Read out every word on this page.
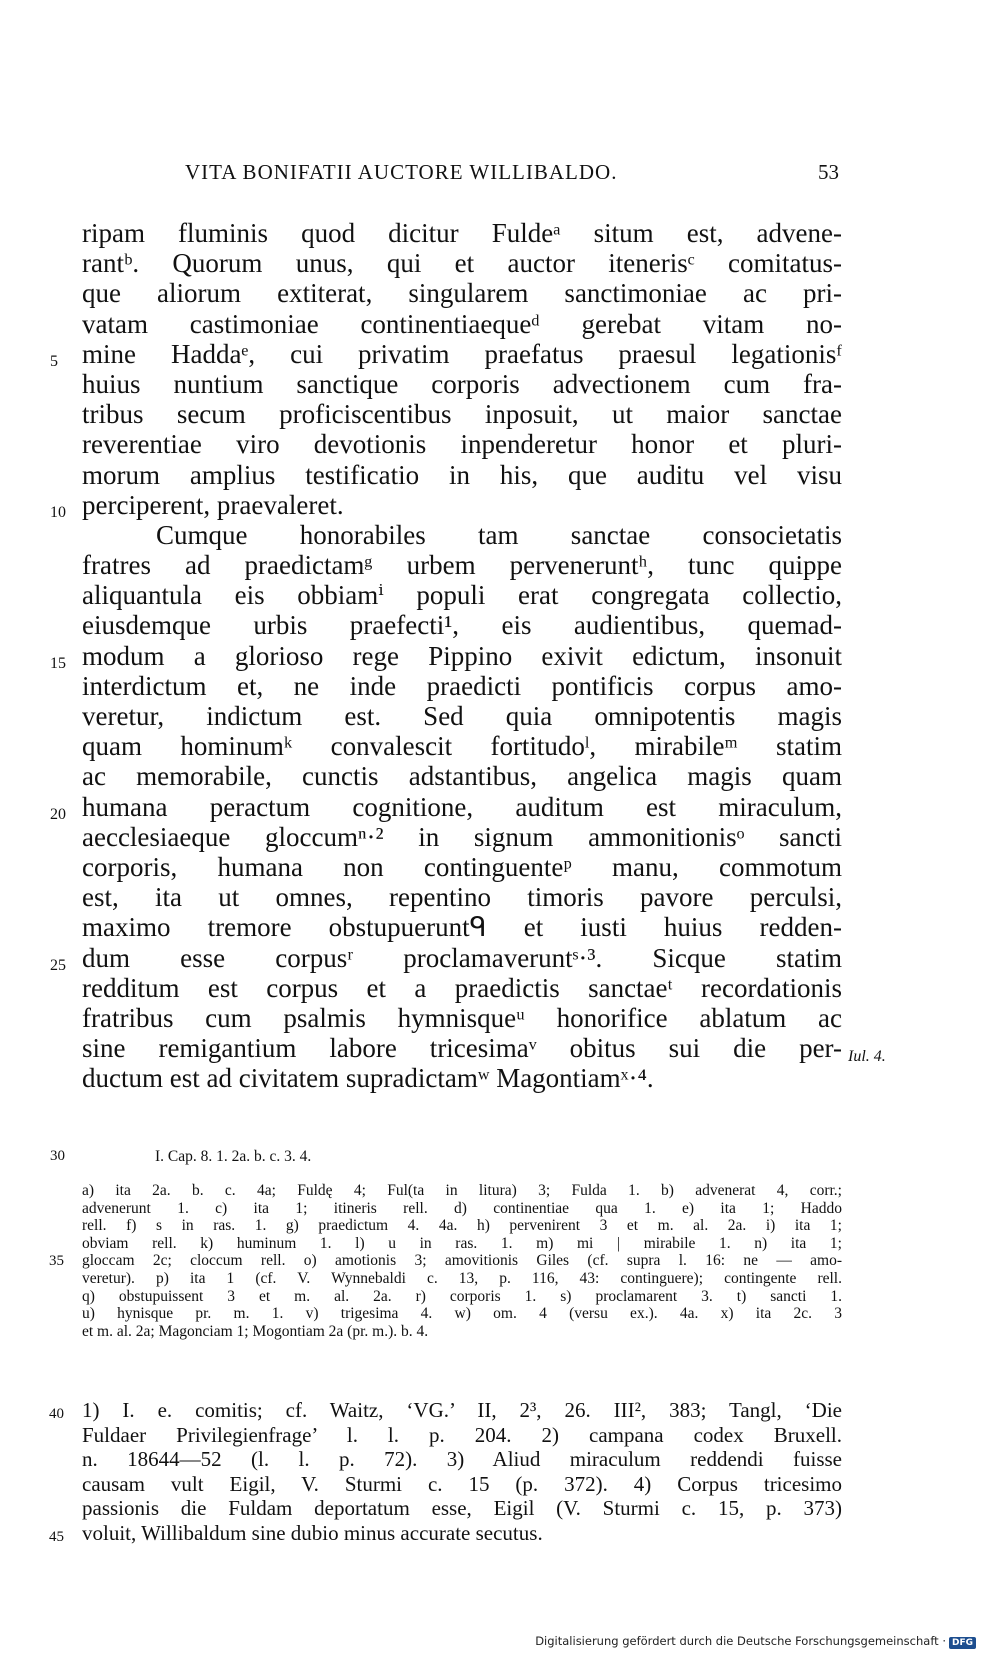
VITA BONIFATII AUCTORE WILLIBALDO.	53
ripam fluminis quod dicitur Fuldeᵃ situm est, advene-
rantᵇ. Quorum unus, qui et auctor itenerisᶜ comitatus-
que aliorum extiterat, singularem sanctimoniae ac pri-
vatam castimoniae continentiaequeᵈ gerebat vitam no-
5 mine Haddaᵉ, cui privatim praefatus praesul legationisᶠ
huius nuntium sanctique corporis advectionem cum fra-
tribus secum proficiscentibus inposuit, ut maior sanctae
reverentiae viro devotionis inpenderetur honor et pluri-
morum amplius testificatio in his, que auditu vel visu
10 perciperent, praevaleret.
Cumque honorabiles tam sanctae consocietatis
fratres ad praedictamᵍ urbem perveneruntʰ, tunc quippe
aliquantula eis obbiamⁱ populi erat congregata collectio,
eiusdemque urbis praefecti¹, eis audientibus, quemad-
15 modum a glorioso rege Pippino exivit edictum, insonuit
interdictum et, ne inde praedicti pontificis corpus amo-
veretur, indictum est. Sed quia omnipotentis magis
quam hominumᵏ convalescit fortitudoˡ, mirabileᵐ statim
ac memorabile, cunctis adstantibus, angelica magis quam
20 humana peractum cognitione, auditum est miraculum,
aecclesiaeque gloccumⁿ·² in signum ammonitionisᵒ sancti
corporis, humana non continguenteᵖ manu, commotum
est, ita ut omnes, repentino timoris pavore perculsi,
maximo tremore obstupueruntᑫ et iusti huius redden-
25 dum esse corpusʳ proclamaveruntˢ·³. Sicque statim
redditum est corpus et a praedictis sanctaeᵗ recordationis
fratribus cum psalmis hymnisqueᵘ honorifice ablatum ac
sine remigantium labore tricesimaᵛ obitus sui die per-
ductum est ad civitatem supradictamʷ Magontiamˣ·⁴.
Iul. 4.
30	I. Cap. 8. 1. 2a. b. c. 3. 4.
a) ita 2a. b. c. 4a; Fuldę 4; Ful(ta in litura) 3; Fulda 1. b) advenerat 4, corr.;
advenerunt 1. c) ita 1; itineris rell. d) continentiae qua 1. e) ita 1; Haddo
rell. f) s in ras. 1. g) praedictum 4. 4a. h) pervenirent 3 et m. al. 2a. i) ita 1;
obviam rell. k) huminum 1. l) u in ras. 1. m) mi | mirabile 1. n) ita 1;
35 gloccam 2c; cloccum rell. o) amotionis 3; amovitionis Giles (cf. supra l. 16: ne — amo-
veretur). p) ita 1 (cf. V. Wynnebaldi c. 13, p. 116, 43: continguere); contingente rell.
q) obstupuissent 3 et m. al. 2a. r) corporis 1. s) proclamarent 3. t) sancti 1.
u) hynisque pr. m. 1. v) trigesima 4. w) om. 4 (versu ex.). 4a. x) ita 2c. 3
et m. al. 2a; Magonciam 1; Mogontiam 2a (pr. m.). b. 4.
40 1) I. e. comitis; cf. Waitz, ‘VG.’ II, 2³, 26. III², 383; Tangl, ‘Die
Fuldaer Privilegienfrage’ l. l. p. 204. 2) campana codex Bruxell.
n. 18644—52 (l. l. p. 72). 3) Aliud miraculum reddendi fuisse
causam vult Eigil, V. Sturmi c. 15 (p. 372). 4) Corpus tricesimo
passionis die Fuldam deportatum esse, Eigil (V. Sturmi c. 15, p. 373)
45 voluit, Willibaldum sine dubio minus accurate secutus.
Digitalisierung gefördert durch die Deutsche Forschungsgemeinschaft · DFG
